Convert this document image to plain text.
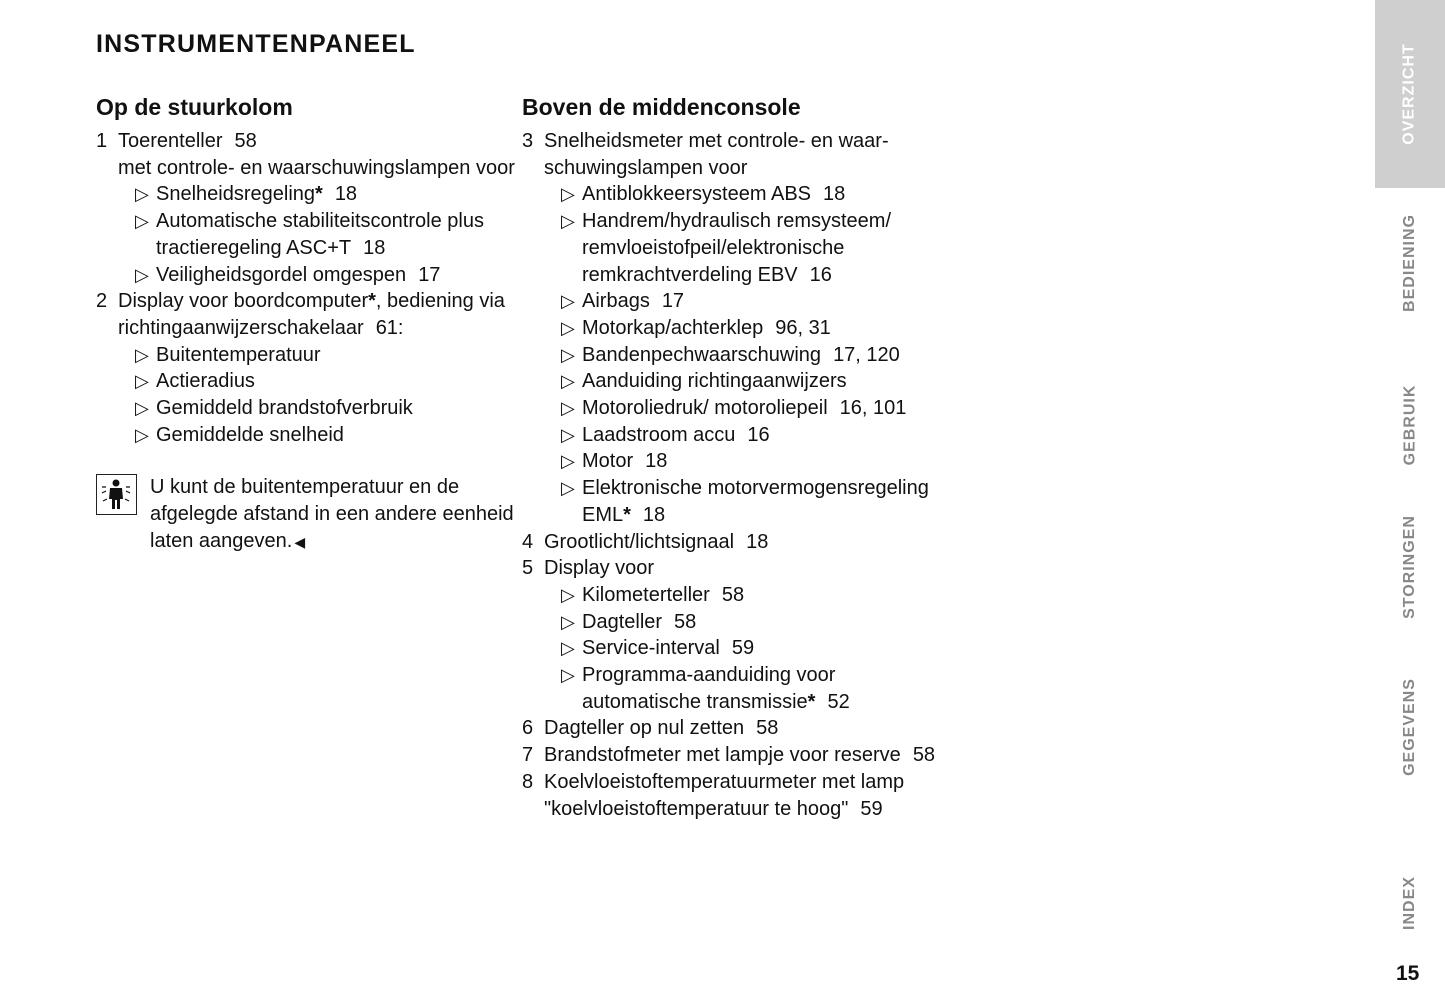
INSTRUMENTENPANEEL
Op de stuurkolom
1 Toerenteller 58
met controle- en waarschuwingslampen voor
▷ Snelheidsregeling* 18
▷ Automatische stabiliteitscontrole plus tractieregeling ASC+T 18
▷ Veiligheidsgordel omgespen 17
2 Display voor boordcomputer*, bediening via richtingaanwijzerschakelaar 61:
▷ Buitentemperatuur
▷ Actieradius
▷ Gemiddeld brandstofverbruik
▷ Gemiddelde snelheid
U kunt de buitentemperatuur en de afgelegde afstand in een andere eenheid laten aangeven. ◀
Boven de middenconsole
3 Snelheidsmeter met controle- en waarschuwingslampen voor
▷ Antiblokkeersysteem ABS 18
▷ Handrem/hydraulisch remsysteem/ remvloeistofpeil/elektronische remkrachtverdeling EBV 16
▷ Airbags 17
▷ Motorkap/achterklep 96, 31
▷ Bandenpechwaarschuwing 17, 120
▷ Aanduiding richtingaanwijzers
▷ Motoroliedruk/ motoroliepeil 16, 101
▷ Laadstroom accu 16
▷ Motor 18
▷ Elektronische motorvermogensregeling EML* 18
4 Grootlicht/lichtsignaal 18
5 Display voor
▷ Kilometerteller 58
▷ Dagteller 58
▷ Service-interval 59
▷ Programma-aanduiding voor automatische transmissie* 52
6 Dagteller op nul zetten 58
7 Brandstofmeter met lampje voor reserve 58
8 Koelvloeistoftemperatuurmeter met lamp "koelvloeistoftemperatuur te hoog" 59
OVERZICHT
BEDIENING
GEBRUIK
STORINGEN
GEGEVENS
INDEX
15
